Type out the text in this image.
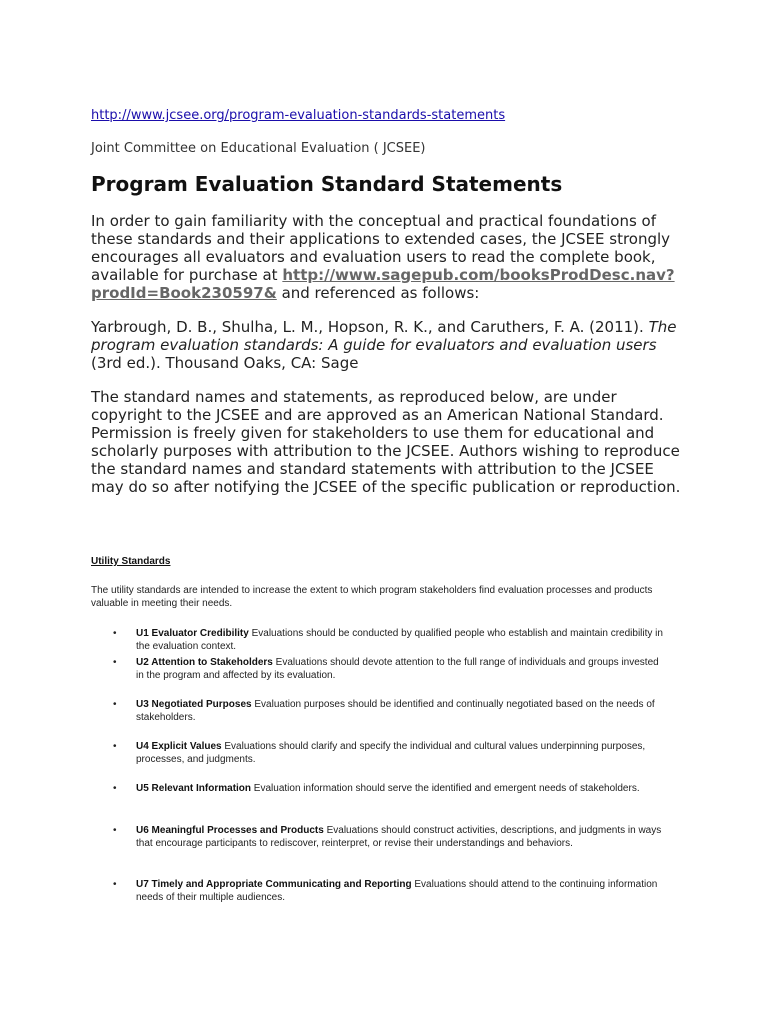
http://www.jcsee.org/program-evaluation-standards-statements
Joint Committee on Educational Evaluation ( JCSEE)
Program Evaluation Standard Statements

In order to gain familiarity with the conceptual and practical foundations of these standards and their applications to extended cases, the JCSEE strongly encourages all evaluators and evaluation users to read the complete book, available for purchase at http://www.sagepub.com/booksProdDesc.nav?prodId=Book230597& and referenced as follows:

Yarbrough, D. B., Shulha, L. M., Hopson, R. K., and Caruthers, F. A. (2011). The program evaluation standards: A guide for evaluators and evaluation users (3rd ed.). Thousand Oaks, CA: Sage

The standard names and statements, as reproduced below, are under copyright to the JCSEE and are approved as an American National Standard. Permission is freely given for stakeholders to use them for educational and scholarly purposes with attribution to the JCSEE. Authors wishing to reproduce the standard names and standard statements with attribution to the JCSEE may do so after notifying the JCSEE of the specific publication or reproduction.

Utility Standards

The utility standards are intended to increase the extent to which program stakeholders find evaluation processes and products valuable in meeting their needs.

• U1 Evaluator Credibility Evaluations should be conducted by qualified people who establish and maintain credibility in the evaluation context.
• U2 Attention to Stakeholders Evaluations should devote attention to the full range of individuals and groups invested in the program and affected by its evaluation.
• U3 Negotiated Purposes Evaluation purposes should be identified and continually negotiated based on the needs of stakeholders.
• U4 Explicit Values Evaluations should clarify and specify the individual and cultural values underpinning purposes, processes, and judgments.
• U5 Relevant Information Evaluation information should serve the identified and emergent needs of stakeholders.
• U6 Meaningful Processes and Products Evaluations should construct activities, descriptions, and judgments in ways that encourage participants to rediscover, reinterpret, or revise their understandings and behaviors.
• U7 Timely and Appropriate Communicating and Reporting Evaluations should attend to the continuing information needs of their multiple audiences.
